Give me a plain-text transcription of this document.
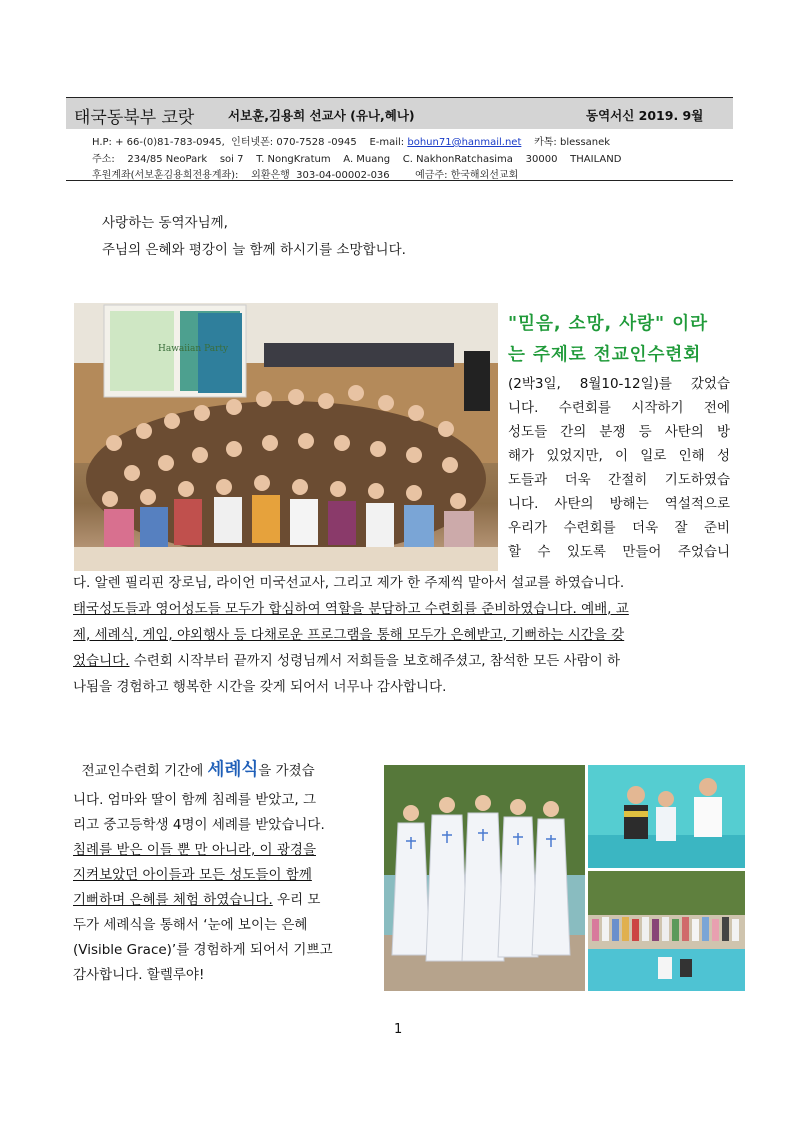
태국동북부 코랏	서보훈,김용희 선교사 (유나,혜나)	동역서신 2019. 9월
H.P: + 66-(0)81-783-0945,  인터넷폰: 070-7528 -0945    E-mail: bohun71@hanmail.net    카톡: blessanek
주소:    234/85 NeoPark    soi 7    T. NongKratum    A. Muang    C. NakhonRatchasima    30000    THAILAND
후원계좌(서보훈김용희전용계좌):    외환은행  303-04-00002-036        예금주: 한국해외선교회
사랑하는 동역자님께,
주님의 은혜와 평강이 늘 함께 하시기를 소망합니다.
Hawaiian Party
"믿음, 소망, 사랑" 이라
는 주제로 전교인수련회
(2박3일, 8월10-12일)를 갔었습
니다. 수련회를 시작하기 전에
성도들 간의 분쟁 등 사탄의 방
해가 있었지만, 이 일로 인해 성
도들과 더욱 간절히 기도하였습
니다. 사탄의 방해는 역설적으로
우리가 수련회를 더욱 잘 준비
할 수 있도록 만들어 주었습니
다. 알렌 필리핀 장로님, 라이언 미국선교사, 그리고 제가 한 주제씩 맡아서 설교를 하였습니다.
태국성도들과 영어성도들 모두가 합심하여 역할을 분담하고 수련회를 준비하였습니다. 예배, 교
제, 세례식, 게임, 야외행사 등 다채로운 프로그램을 통해 모두가 은혜받고, 기뻐하는 시간을 갖
었습니다. 수련회 시작부터 끝까지 성령님께서 저희들을 보호해주셨고, 참석한 모든 사람이 하
나됨을 경험하고 행복한 시간을 갖게 되어서 너무나 감사합니다.
전교인수련회 기간에 세례식을 가졌습
니다. 엄마와 딸이 함께 침례를 받았고, 그
리고 중고등학생 4명이 세례를 받았습니다.
침례를 받은 이들 뿐 만 아니라, 이 광경을
지켜보았던 아이들과 모든 성도들이 함께
기뻐하며 은혜를 체험 하였습니다. 우리 모
두가 세례식을 통해서 ‘눈에 보이는 은혜
(Visible Grace)’를 경험하게 되어서 기쁘고
감사합니다. 할렐루야!
1
